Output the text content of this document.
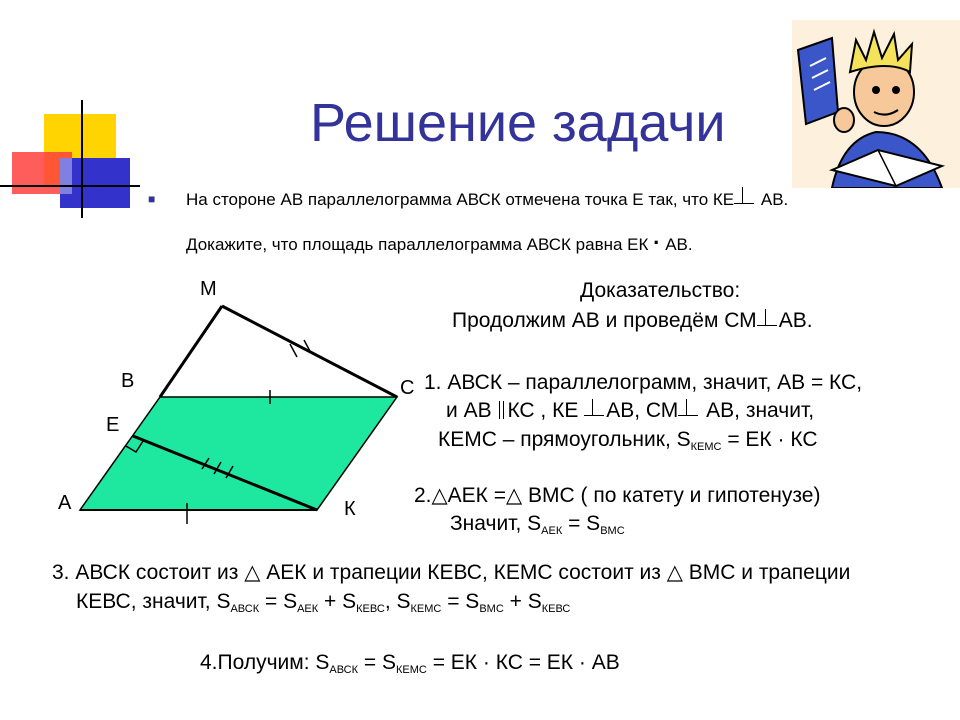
Решение задачи
■ На стороне АВ параллелограмма АВСК отмечена точка Е так, что КЕ АВ.
Докажите, что площадь параллелограмма АВСК равна ЕК · АВ.
М
В	С
Е
А	К
Доказательство:
Продолжим АВ и проведём СМ АВ.
1. АВСК – параллелограмм, значит, АВ = КС,
и АВ КС , КЕ АВ, СМ АВ, значит,
КЕМС – прямоугольник, $S_{КЕМС}$ = ЕК · КС
2.△АЕК =△ ВМС ( по катету и гипотенузе)
Значит, $S_{АЕК} = S_{ВМС}$
3. АВСК состоит из △ АЕК и трапеции КЕВС, КЕМС состоит из △ ВМС и трапеции
КЕВС, значит, $S_{АВСК} = S_{АЕК} + S_{КЕВС}$, $S_{КЕМС} = S_{ВМС} + S_{КЕВС}$
4.Получим: $S_{АВСК} = S_{КЕМС}$ = ЕК · КС = ЕК · АВ
